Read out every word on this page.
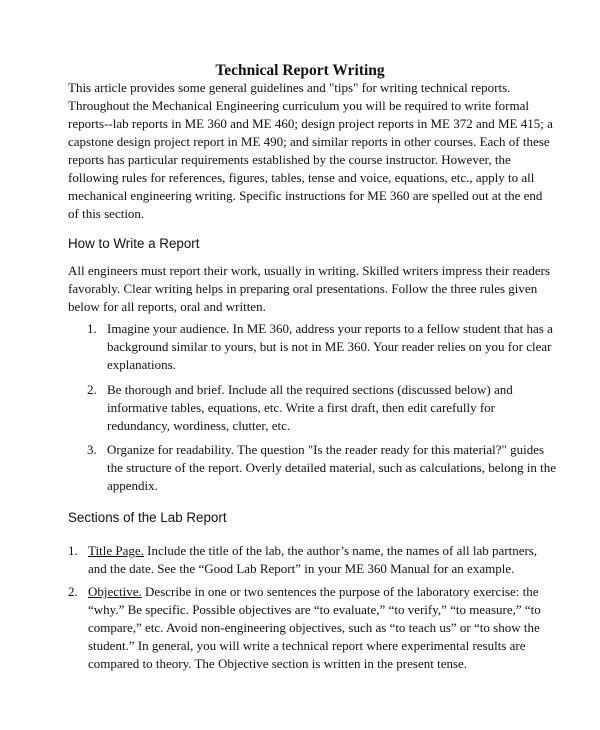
Technical Report Writing
This article provides some general guidelines and "tips" for writing technical reports.
Throughout the Mechanical Engineering curriculum you will be required to write formal
reports--lab reports in ME 360 and ME 460; design project reports in ME 372 and ME 415; a
capstone design project report in ME 490; and similar reports in other courses. Each of these
reports has particular requirements established by the course instructor. However, the
following rules for references, figures, tables, tense and voice, equations, etc., apply to all
mechanical engineering writing. Specific instructions for ME 360 are spelled out at the end
of this section.
How to Write a Report
All engineers must report their work, usually in writing. Skilled writers impress their readers
favorably. Clear writing helps in preparing oral presentations. Follow the three rules given
below for all reports, oral and written.
1. Imagine your audience. In ME 360, address your reports to a fellow student that has a
background similar to yours, but is not in ME 360. Your reader relies on you for clear
explanations.
2. Be thorough and brief. Include all the required sections (discussed below) and
informative tables, equations, etc. Write a first draft, then edit carefully for
redundancy, wordiness, clutter, etc.
3. Organize for readability. The question "Is the reader ready for this material?" guides
the structure of the report. Overly detailed material, such as calculations, belong in the
appendix.
Sections of the Lab Report
1. Title Page. Include the title of the lab, the author’s name, the names of all lab partners,
and the date. See the “Good Lab Report” in your ME 360 Manual for an example.
2. Objective. Describe in one or two sentences the purpose of the laboratory exercise: the
“why.” Be specific. Possible objectives are “to evaluate,” “to verify,” “to measure,” “to
compare,” etc. Avoid non-engineering objectives, such as “to teach us” or “to show the
student.” In general, you will write a technical report where experimental results are
compared to theory. The Objective section is written in the present tense.
